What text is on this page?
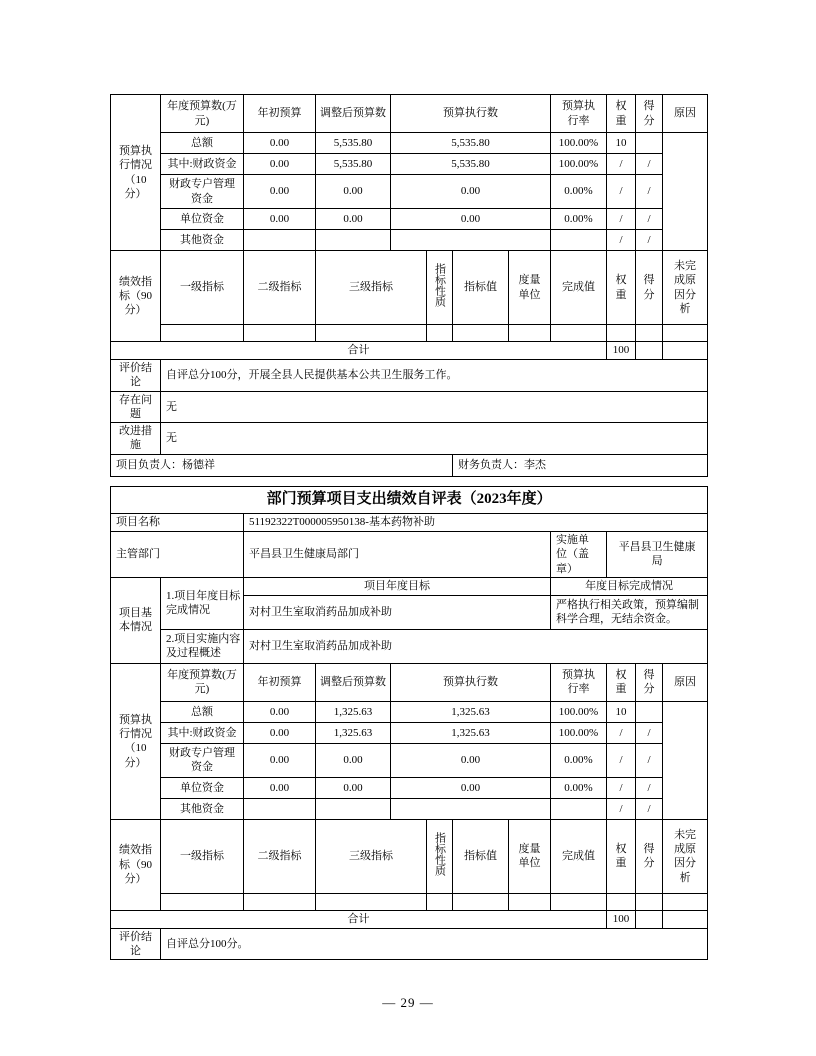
预算执行情况（10分）	年度预算数(万元)	年初预算	调整后预算数	预算执行数				预算执行率	权重	得分	原因
	总额	0.00	5,535.80	5,535.80				100.00%	10		
	其中:财政资金	0.00	5,535.80	5,535.80				100.00%	/	/	
	财政专户管理资金	0.00	0.00	0.00				0.00%	/	/	
	单位资金	0.00	0.00	0.00				0.00%	/	/	
	其他资金								/	/	
绩效指标（90分）	一级指标	二级指标	三级指标		指标性质	指标值	度量单位	完成值	权重	得分	未完成原因分析

合计									100		
评价结论	自评总分100分，开展全县人民提供基本公共卫生服务工作。										
存在问题	无										
改进措施	无										
项目负责人：杨德祥						财务负责人：李杰					
部门预算项目支出绩效自评表（2023年度）											
项目名称		51192322T000005950138-基本药物补助									
主管部门		平昌县卫生健康局部门						实施单位（盖章）	平昌县卫生健康局		
项目基本情况	1.项目年度目标完成情况	项目年度目标						年度目标完成情况			
		对村卫生室取消药品加成补助						严格执行相关政策，预算编制科学合理，无结余资金。			
	2.项目实施内容及过程概述	对村卫生室取消药品加成补助									
预算执行情况（10分）	年度预算数(万元)	年初预算	调整后预算数	预算执行数				预算执行率	权重	得分	原因
	总额	0.00	1,325.63	1,325.63				100.00%	10		
	其中:财政资金	0.00	1,325.63	1,325.63				100.00%	/	/	
	财政专户管理资金	0.00	0.00	0.00				0.00%	/	/	
	单位资金	0.00	0.00	0.00				0.00%	/	/	
	其他资金								/	/	
绩效指标（90分）	一级指标	二级指标	三级指标		指标性质	指标值	度量单位	完成值	权重	得分	未完成原因分析

合计									100		
评价结论	自评总分100分。										
— 29 —
